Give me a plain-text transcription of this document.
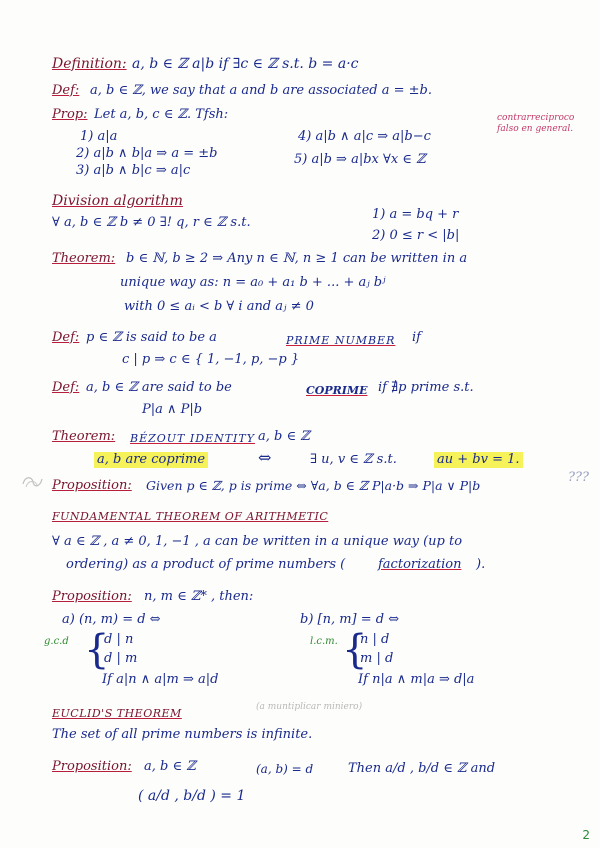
Definition: a, b ∈ ℤ a|b if ∃c ∈ ℤ s.t. b = a·c
Def: a, b ∈ ℤ, we say that a and b are associated a = ±b.
Prop: Let a, b, c ∈ ℤ. Tfsh:
1) a|a
2) a|b ∧ b|a ⇒ a = ±b
3) a|b ∧ b|c ⇒ a|c
4) a|b ∧ a|c ⇒ a|b−c
5) a|b ⇒ a|bx ∀x ∈ ℤ
contrarreciproco
falso en general.
Division algorithm
∀ a, b ∈ ℤ b ≠ 0 ∃! q, r ∈ ℤ s.t.
1) a = bq + r
2) 0 ≤ r < |b|
Theorem: b ∈ ℕ, b ≥ 2 ⇒ Any n ∈ ℕ, n ≥ 1 can be written in a
unique way as: n = a₀ + a₁ b + ... + aⱼ bʲ
with 0 ≤ aᵢ < b ∀ i and aⱼ ≠ 0
Def: p ∈ ℤ is said to be a	PRIME NUMBER if
c | p ⇒ c ∈ { 1, −1, p, −p }
Def: a, b ∈ ℤ are said to be	COPRIME if ∄p prime s.t.
P|a ∧ P|b
Theorem: BÉZOUT IDENTITY a, b ∈ ℤ
a, b are coprime	⇔	∃ u, v ∈ ℤ s.t.	au + bv = 1.
Proposition: Given p ∈ ℤ, p is prime ⇔ ∀a, b ∈ ℤ P|a·b ⇒ P|a ∨ P|b
???
FUNDAMENTAL THEOREM OF ARITHMETIC
∀ a ∈ ℤ , a ≠ 0, 1, −1 , a can be written in a unique way (up to
ordering) as a product of prime numbers (	factorization ).
Proposition: n, m ∈ ℤ* , then:
a) (n, m) = d ⇔
g.c.d {
d | n
d | m
If a|n ∧ a|m ⇒ a|d
b) [n, m] = d ⇔
l.c.m. {
n | d
m | d
If n|a ∧ m|a ⇒ d|a
(a muntiplicar miniero)
EUCLID'S THEOREM
The set of all prime numbers is infinite.
Proposition: a, b ∈ ℤ	(a, b) = d	Then a/d , b/d ∈ ℤ and
( a/d , b/d ) = 1
2
